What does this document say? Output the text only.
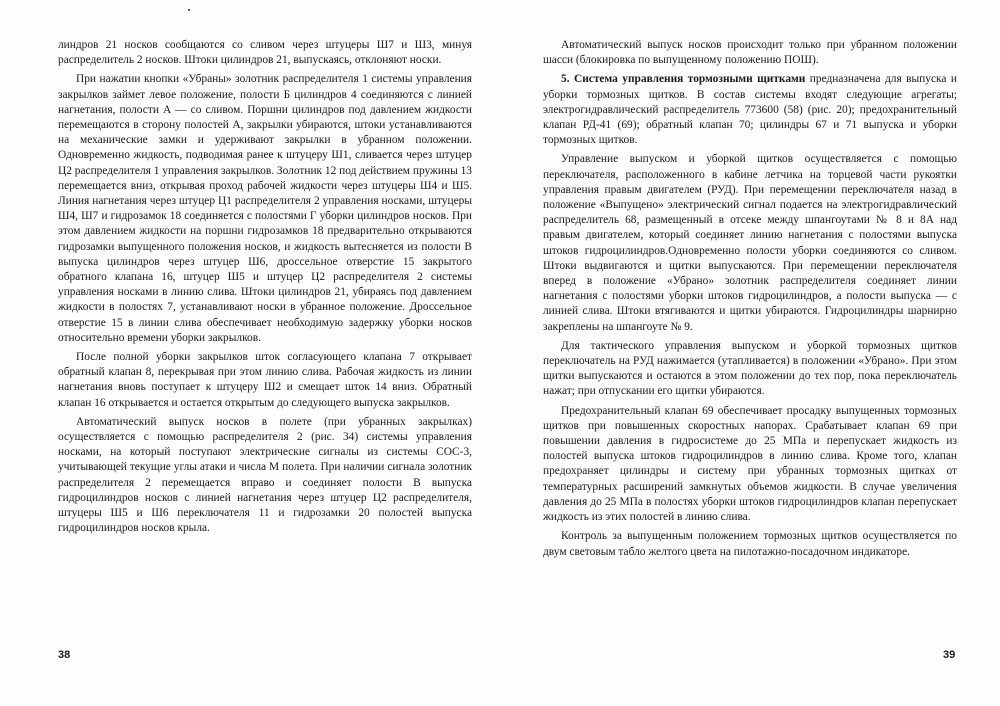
линдров 21 носков сообщаются со сливом через штуцеры Ш7 и Ш3, минуя распределитель 2 носков. Штоки цилиндров 21, выпускаясь, отклоняют носки.

При нажатии кнопки «Убраны» золотник распределителя 1 системы управления закрылков займет левое положение, полости Б цилиндров 4 соединяются с линией нагнетания, полости А — со сливом. Поршни цилиндров под давлением жидкости перемещаются в сторону полостей А, закрылки убираются, штоки устанавливаются на механические замки и удерживают закрылки в убранном положении. Одновременно жидкость, подводимая ранее к штуцеру Ш1, сливается через штуцер Ц2 распределителя 1 управления закрылков. Золотник 12 под действием пружины 13 перемещается вниз, открывая проход рабочей жидкости через штуцеры Ш4 и Ш5. Линия нагнетания через штуцер Ц1 распределителя 2 управления носками, штуцеры Ш4, Ш7 и гидрозамок 18 соединяется с полостями Г уборки цилиндров носков. При этом давлением жидкости на поршни гидрозамков 18 предварительно открываются гидрозамки выпущенного положения носков, и жидкость вытесняется из полости В выпуска цилиндров через штуцер Ш6, дроссельное отверстие 15 закрытого обратного клапана 16, штуцер Ш5 и штуцер Ц2 распределителя 2 системы управления носками в линию слива. Штоки цилиндров 21, убираясь под давлением жидкости в полостях 7, устанавливают носки в убранное положение. Дроссельное отверстие 15 в линии слива обеспечивает необходимую задержку уборки носков относительно времени уборки закрылков.

После полной уборки закрылков шток согласующего клапана 7 открывает обратный клапан 8, перекрывая при этом линию слива. Рабочая жидкость из линии нагнетания вновь поступает к штуцеру Ш2 и смещает шток 14 вниз. Обратный клапан 16 открывается и остается открытым до следующего выпуска закрылков.

Автоматический выпуск носков в полете (при убранных закрылках) осуществляется с помощью распределителя 2 (рис. 34) системы управления носками, на который поступают электрические сигналы из системы СОС-3, учитывающей текущие углы атаки и числа М полета. При наличии сигнала золотник распределителя 2 перемещается вправо и соединяет полости В выпуска гидроцилиндров носков с линией нагнетания через штуцер Ц2 распределителя, штуцеры Ш5 и Ш6 переключателя 11 и гидрозамки 20 полостей выпуска гидроцилиндров носков крыла.

38

Автоматический выпуск носков происходит только при убранном положении шасси (блокировка по выпущенному положению ПОШ).

5. Система управления тормозными щитками предназначена для выпуска и уборки тормозных щитков. В состав системы входят следующие агрегаты; электрогидравлический распределитель 773600 (58) (рис. 20); предохранительный клапан РД-41 (69); обратный клапан 70; цилиндры 67 и 71 выпуска и уборки тормозных щитков.

Управление выпуском и уборкой щитков осуществляется с помощью переключателя, расположенного в кабине летчика на торцевой части рукоятки управления правым двигателем (РУД). При перемещении переключателя назад в положение «Выпущено» электрический сигнал подается на электрогидравлический распределитель 68, размещенный в отсеке между шпангоутами № 8 и 8А над правым двигателем, который соединяет линию нагнетания с полостями выпуска штоков гидроцилиндров.Одновременно полости уборки соединяются со сливом. Штоки выдвигаются и щитки выпускаются. При перемещении переключателя вперед в положение «Убрано» золотник распределителя соединяет линии нагнетания с полостями уборки штоков гидроцилиндров, а полости выпуска — с линией слива. Штоки втягиваются и щитки убираются. Гидроцилиндры шарнирно закреплены на шпангоуте № 9.

Для тактического управления выпуском и уборкой тормозных щитков переключатель на РУД нажимается (утапливается) в положении «Убрано». При этом щитки выпускаются и остаются в этом положении до тех пор, пока переключатель нажат; при отпускании его щитки убираются.

Предохранительный клапан 69 обеспечивает просадку выпущенных тормозных щитков при повышенных скоростных напорах. Срабатывает клапан 69 при повышении давления в гидросистеме до 25 МПа и перепускает жидкость из полостей выпуска штоков гидроцилиндров в линию слива. Кроме того, клапан предохраняет цилиндры и систему при убранных тормозных щитках от температурных расширений замкнутых объемов жидкости. В случае увеличения давления до 25 МПа в полостях уборки штоков гидроцилиндров клапан перепускает жидкость из этих полостей в линию слива.

Контроль за выпущенным положением тормозных щитков осуществляется по двум световым табло желтого цвета на пилотажно-посадочном индикаторе.

39
